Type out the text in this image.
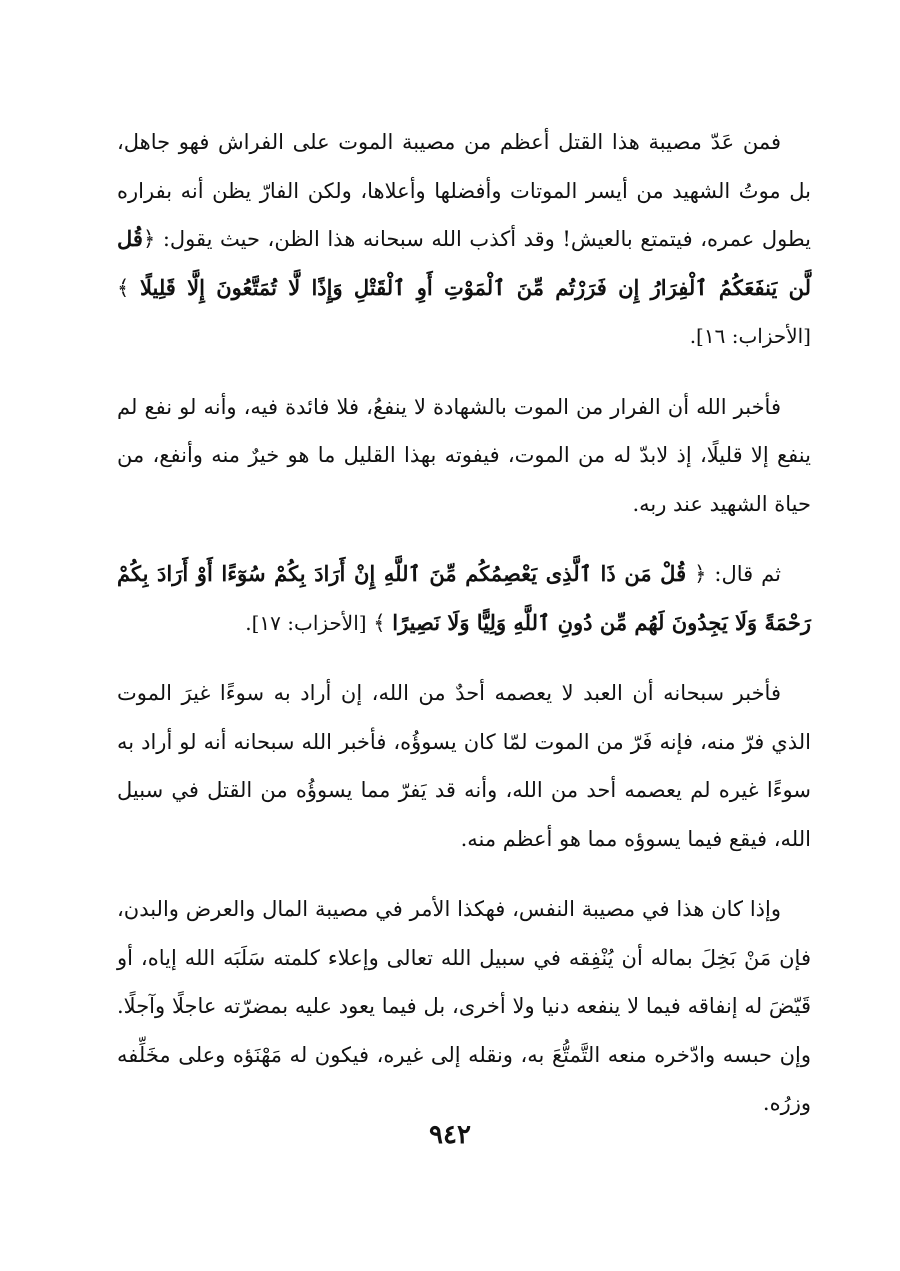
فمن عَدّ مصيبة هذا القتل أعظم من مصيبة الموت على الفراش فهو جاهل، بل موتُ الشهيد من أيسر الموتات وأفضلها وأعلاها، ولكن الفارّ يظن أنه بفراره يطول عمره، فيتمتع بالعيش! وقد أكذب الله سبحانه هذا الظن، حيث يقول: ﴿قُل لَّن يَنفَعَكُمُ ٱلْفِرَارُ إِن فَرَرْتُم مِّنَ ٱلْمَوْتِ أَوِ ٱلْقَتْلِ وَإِذًا لَّا تُمَتَّعُونَ إِلَّا قَلِيلًا ﴾ [الأحزاب: ١٦].

فأخبر الله أن الفرار من الموت بالشهادة لا ينفعُ، فلا فائدة فيه، وأنه لو نفع لم ينفع إلا قليلًا، إذ لابدّ له من الموت، فيفوته بهذا القليل ما هو خيرٌ منه وأنفع، من حياة الشهيد عند ربه.

ثم قال: ﴿ قُلْ مَن ذَا ٱلَّذِى يَعْصِمُكُم مِّنَ ٱللَّهِ إِنْ أَرَادَ بِكُمْ سُوٓءًا أَوْ أَرَادَ بِكُمْ رَحْمَةً وَلَا يَجِدُونَ لَهُم مِّن دُونِ ٱللَّهِ وَلِيًّا وَلَا نَصِيرًا ﴾ [الأحزاب: ١٧].

فأخبر سبحانه أن العبد لا يعصمه أحدٌ من الله، إن أراد به سوءًا غيرَ الموت الذي فرّ منه، فإنه فَرّ من الموت لمّا كان يسوؤُه، فأخبر الله سبحانه أنه لو أراد به سوءًا غيره لم يعصمه أحد من الله، وأنه قد يَفرّ مما يسوؤُه من القتل في سبيل الله، فيقع فيما يسوؤه مما هو أعظم منه.

وإذا كان هذا في مصيبة النفس، فهكذا الأمر في مصيبة المال والعرض والبدن، فإن مَنْ بَخِلَ بماله أن يُنْفِقه في سبيل الله تعالى وإعلاء كلمته سَلَبَه الله إياه، أو قَيّضَ له إنفاقه فيما لا ينفعه دنيا ولا أخرى، بل فيما يعود عليه بمضرّته عاجلًا وآجلًا. وإن حبسه وادّخره منعه التَّمتُّعَ به، ونقله إلى غيره، فيكون له مَهْنَؤه وعلى مخَلِّفه وزرُه.

٩٤٢
